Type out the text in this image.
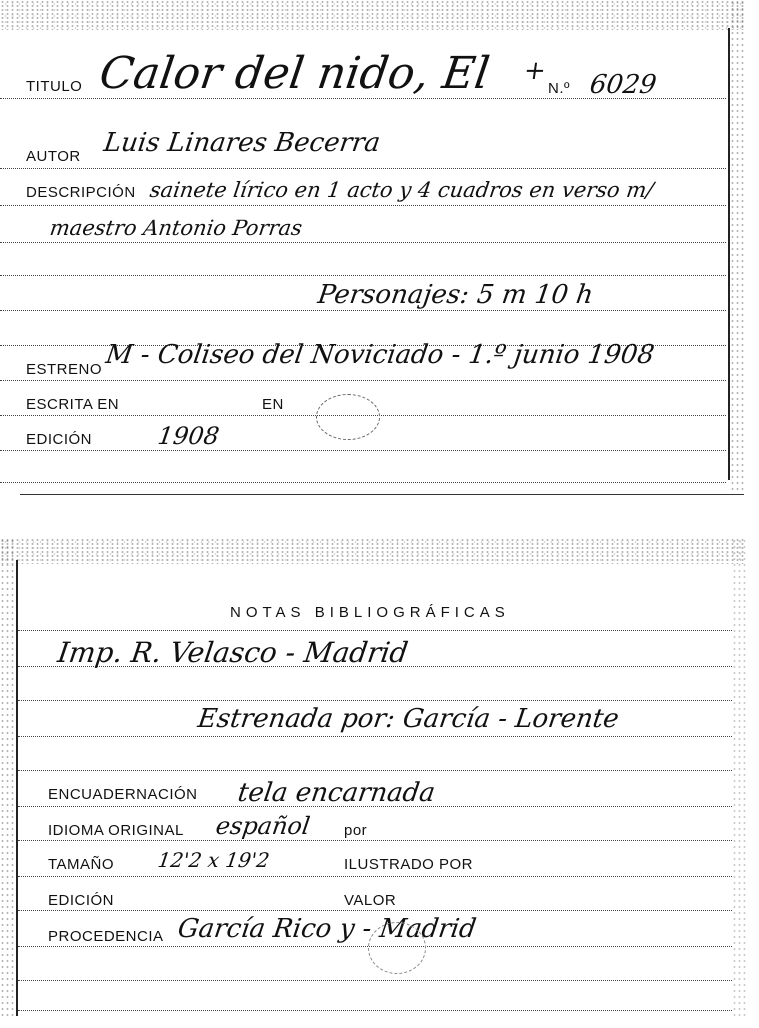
TITULO Calor del nido, El +
N.º 6029
AUTOR Luis Linares Becerra
DESCRIPCIÓN sainete lírico en 1 acto y 4 cuadros en verso m/
maestro Antonio Porras
Personajes: 5 m 10 h
ESTRENO M - Coliseo del Noviciado - 1.º junio 1908
ESCRITA EN	EN
EDICIÓN	1908
NOTAS BIBLIOGRÁFICAS
Imp. R. Velasco - Madrid
Estrenada por: García - Lorente
ENCUADERNACIÓN tela encarnada
IDIOMA ORIGINAL español por
TAMAÑO 12'2 x 19'2	ILUSTRADO POR
EDICIÓN	VALOR
PROCEDENCIA García Rico y - Madrid
